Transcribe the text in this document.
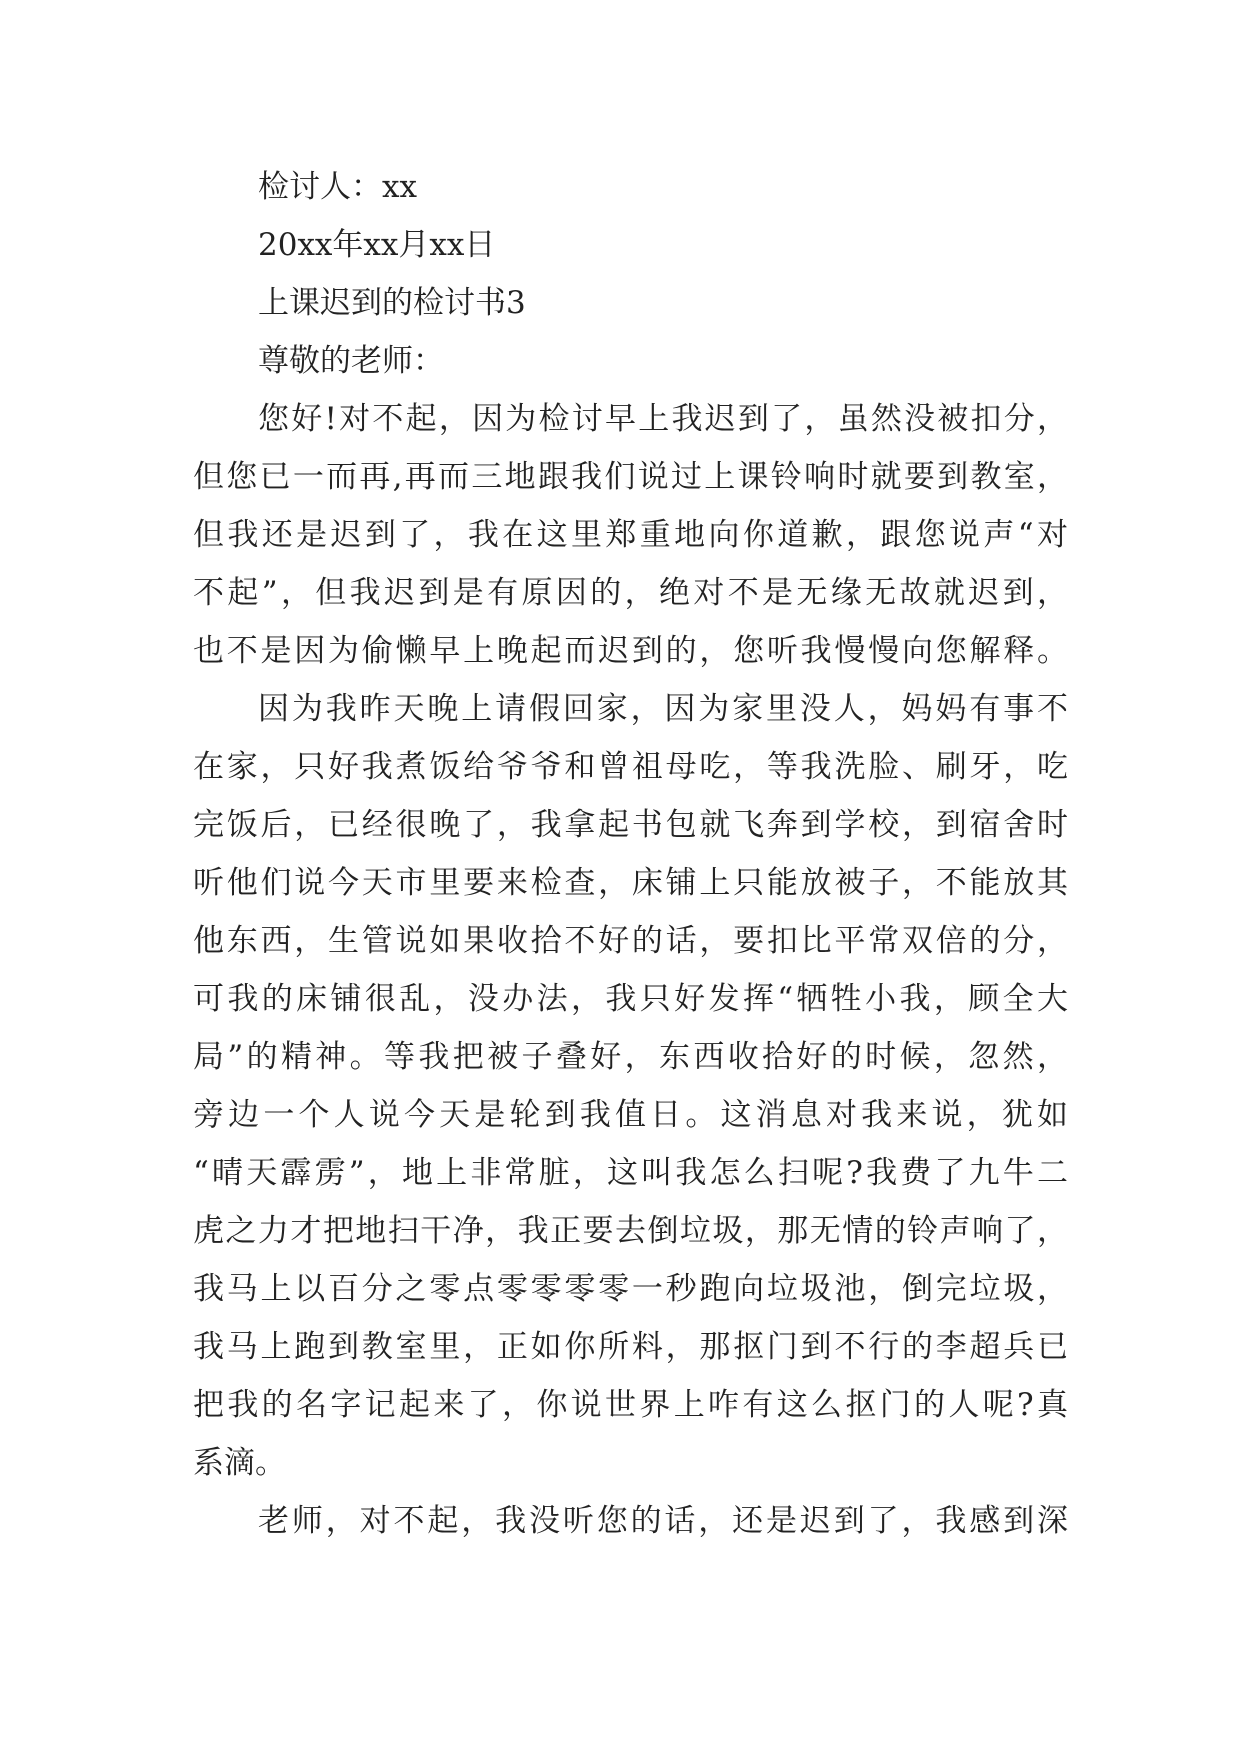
检讨人：xx
20xx年xx月xx日
上课迟到的检讨书3
尊敬的老师：
您好!对不起，因为检讨早上我迟到了，虽然没被扣分，
但您已一而再,再而三地跟我们说过上课铃响时就要到教室，
但我还是迟到了，我在这里郑重地向你道歉，跟您说声“对
不起”，但我迟到是有原因的，绝对不是无缘无故就迟到，
也不是因为偷懒早上晚起而迟到的，您听我慢慢向您解释。
因为我昨天晚上请假回家，因为家里没人，妈妈有事不
在家，只好我煮饭给爷爷和曾祖母吃，等我洗脸、刷牙，吃
完饭后，已经很晚了，我拿起书包就飞奔到学校，到宿舍时
听他们说今天市里要来检查，床铺上只能放被子，不能放其
他东西，生管说如果收拾不好的话，要扣比平常双倍的分，
可我的床铺很乱，没办法，我只好发挥“牺牲小我，顾全大
局”的精神。等我把被子叠好，东西收拾好的时候，忽然，
旁边一个人说今天是轮到我值日。这消息对我来说，犹如
“晴天霹雳”，地上非常脏，这叫我怎么扫呢?我费了九牛二
虎之力才把地扫干净，我正要去倒垃圾，那无情的铃声响了，
我马上以百分之零点零零零零一秒跑向垃圾池，倒完垃圾，
我马上跑到教室里，正如你所料，那抠门到不行的李超兵已
把我的名字记起来了，你说世界上咋有这么抠门的人呢?真
系滴。
老师，对不起，我没听您的话，还是迟到了，我感到深
